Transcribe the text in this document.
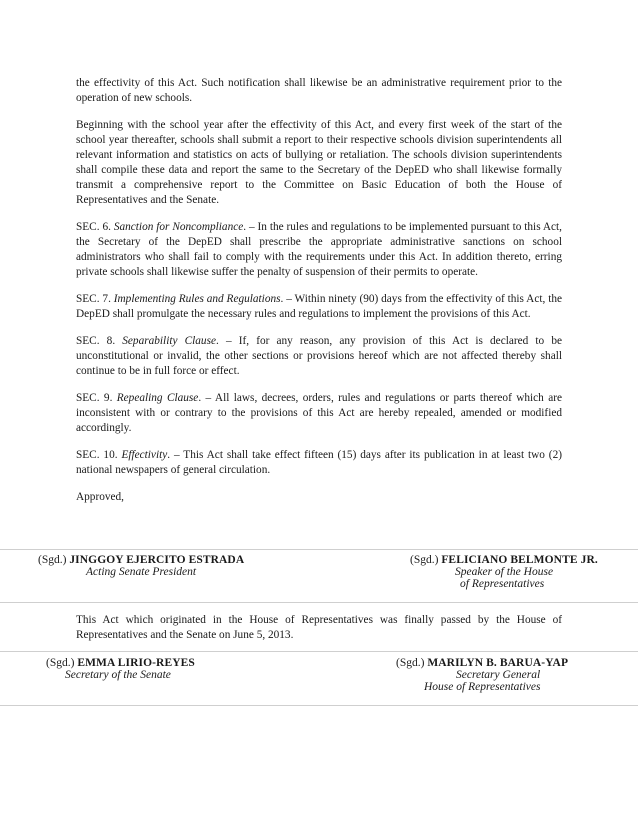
the effectivity of this Act. Such notification shall likewise be an administrative requirement prior to the operation of new schools.

Beginning with the school year after the effectivity of this Act, and every first week of the start of the school year thereafter, schools shall submit a report to their respective schools division superintendents all relevant information and statistics on acts of bullying or retaliation. The schools division superintendents shall compile these data and report the same to the Secretary of the DepED who shall likewise formally transmit a comprehensive report to the Committee on Basic Education of both the House of Representatives and the Senate.

SEC. 6. Sanction for Noncompliance. – In the rules and regulations to be implemented pursuant to this Act, the Secretary of the DepED shall prescribe the appropriate administrative sanctions on school administrators who shall fail to comply with the requirements under this Act. In addition thereto, erring private schools shall likewise suffer the penalty of suspension of their permits to operate.

SEC. 7. Implementing Rules and Regulations. – Within ninety (90) days from the effectivity of this Act, the DepED shall promulgate the necessary rules and regulations to implement the provisions of this Act.

SEC. 8. Separability Clause. – If, for any reason, any provision of this Act is declared to be unconstitutional or invalid, the other sections or provisions hereof which are not affected thereby shall continue to be in full force or effect.

SEC. 9. Repealing Clause. – All laws, decrees, orders, rules and regulations or parts thereof which are inconsistent with or contrary to the provisions of this Act are hereby repealed, amended or modified accordingly.

SEC. 10. Effectivity. – This Act shall take effect fifteen (15) days after its publication in at least two (2) national newspapers of general circulation.

Approved,

(Sgd.) JINGGOY EJERCITO ESTRADA
Acting Senate President
(Sgd.) FELICIANO BELMONTE JR.
Speaker of the House
of Representatives

This Act which originated in the House of Representatives was finally passed by the House of Representatives and the Senate on June 5, 2013.

(Sgd.) EMMA LIRIO-REYES
Secretary of the Senate
(Sgd.) MARILYN B. BARUA-YAP
Secretary General
House of Representatives
